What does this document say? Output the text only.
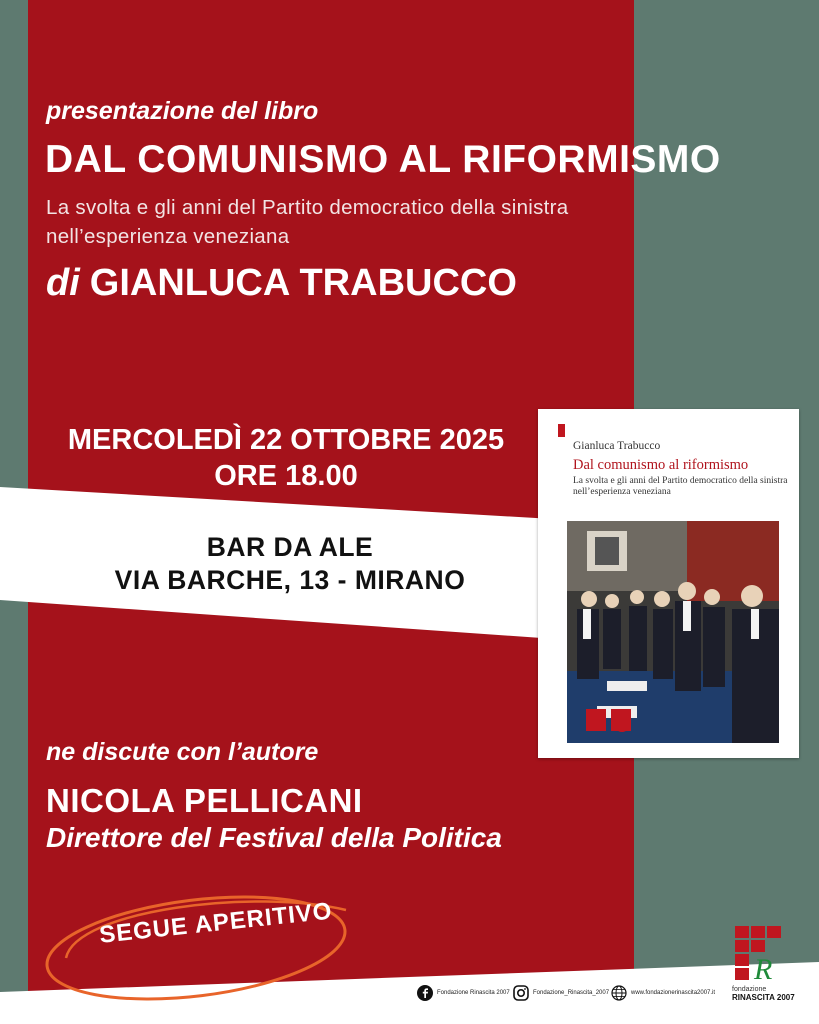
presentazione del libro

DAL COMUNISMO AL RIFORMISMO
La svolta e gli anni del Partito democratico della sinistra
nell’esperienza veneziana
di GIANLUCA TRABUCCO
MERCOLEDÌ 22 OTTOBRE 2025
ORE 18.00
BAR DA ALE
VIA BARCHE, 13 - MIRANO
Gianluca Trabucco
Dal comunismo al riformismo
La svolta e gli anni del Partito democratico della sinistra nell’esperienza veneziana

ne discute con l’autore

NICOLA PELLICANI

Direttore del Festival della Politica

SEGUE APERITIVO
Fondazione Rinascita 2007	Fondazione_Rinascita_2007	www.fondazionerinascita2007.it
R
fondazione
RINASCITA 2007
